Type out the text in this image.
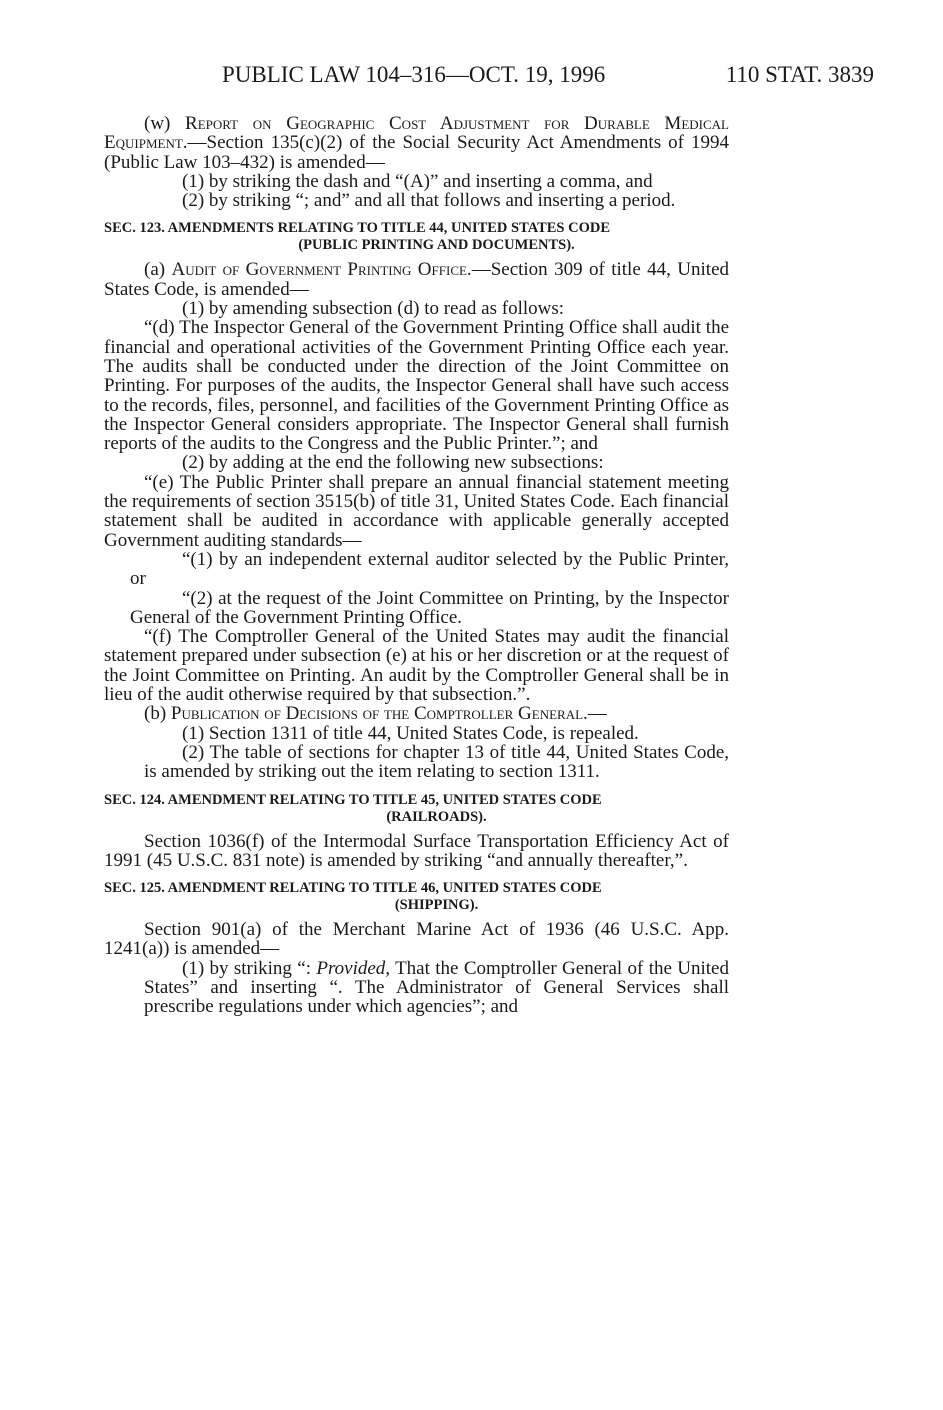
PUBLIC LAW 104–316—OCT. 19, 1996	110 STAT. 3839

(w) Report on Geographic Cost Adjustment for Durable Medical Equipment.—Section 135(c)(2) of the Social Security Act Amendments of 1994 (Public Law 103–432) is amended—

(1) by striking the dash and “(A)” and inserting a comma, and

(2) by striking “; and” and all that follows and inserting a period.

SEC. 123. AMENDMENTS RELATING TO TITLE 44, UNITED STATES CODE
(PUBLIC PRINTING AND DOCUMENTS).

(a) Audit of Government Printing Office.—Section 309 of title 44, United States Code, is amended—

(1) by amending subsection (d) to read as follows:

“(d) The Inspector General of the Government Printing Office shall audit the financial and operational activities of the Government Printing Office each year. The audits shall be conducted under the direction of the Joint Committee on Printing. For purposes of the audits, the Inspector General shall have such access to the records, files, personnel, and facilities of the Government Printing Office as the Inspector General considers appropriate. The Inspector General shall furnish reports of the audits to the Congress and the Public Printer.”; and

(2) by adding at the end the following new subsections:

“(e) The Public Printer shall prepare an annual financial statement meeting the requirements of section 3515(b) of title 31, United States Code. Each financial statement shall be audited in accordance with applicable generally accepted Government auditing standards—

“(1) by an independent external auditor selected by the Public Printer, or

“(2) at the request of the Joint Committee on Printing, by the Inspector General of the Government Printing Office.

“(f) The Comptroller General of the United States may audit the financial statement prepared under subsection (e) at his or her discretion or at the request of the Joint Committee on Printing. An audit by the Comptroller General shall be in lieu of the audit otherwise required by that subsection.”.

(b) Publication of Decisions of the Comptroller General.—

(1) Section 1311 of title 44, United States Code, is repealed.

(2) The table of sections for chapter 13 of title 44, United States Code, is amended by striking out the item relating to section 1311.

SEC. 124. AMENDMENT RELATING TO TITLE 45, UNITED STATES CODE
(RAILROADS).

Section 1036(f) of the Intermodal Surface Transportation Efficiency Act of 1991 (45 U.S.C. 831 note) is amended by striking “and annually thereafter,”.

SEC. 125. AMENDMENT RELATING TO TITLE 46, UNITED STATES CODE
(SHIPPING).

Section 901(a) of the Merchant Marine Act of 1936 (46 U.S.C. App. 1241(a)) is amended—

(1) by striking “: Provided, That the Comptroller General of the United States” and inserting “. The Administrator of General Services shall prescribe regulations under which agencies”; and
